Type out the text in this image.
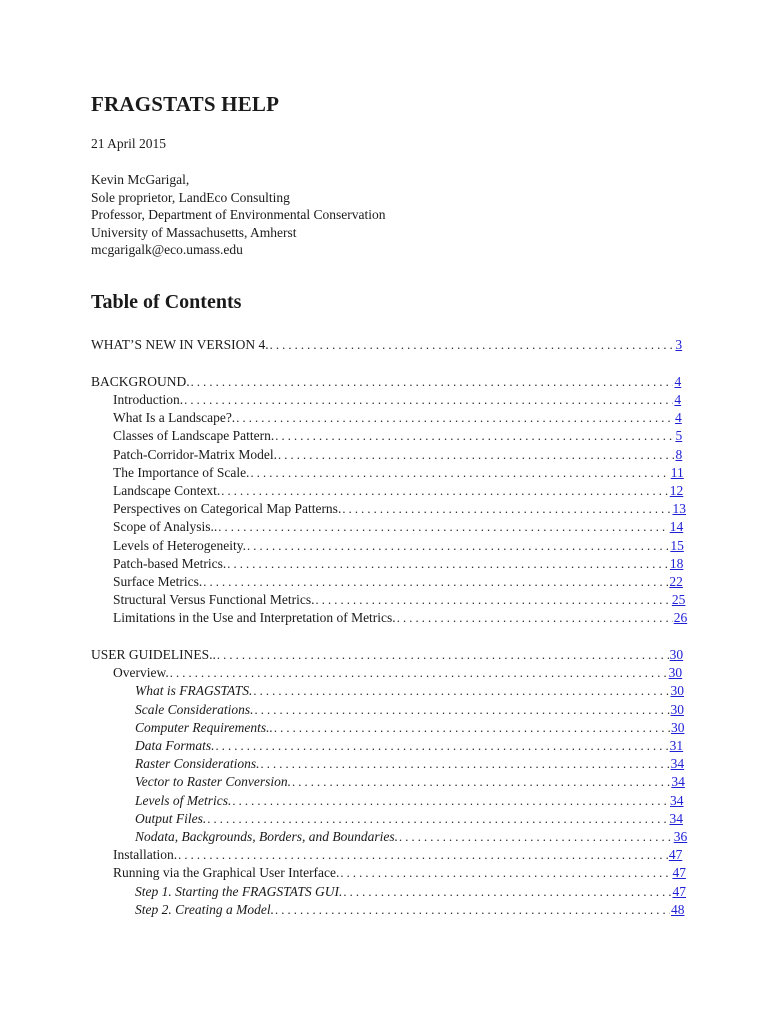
FRAGSTATS HELP
21 April 2015
Kevin McGarigal,
Sole proprietor, LandEco Consulting
Professor, Department of Environmental Conservation
University of Massachusetts, Amherst
mcgarigalk@eco.umass.edu
Table of Contents
WHAT’S NEW IN VERSION 4. . . .	3
BACKGROUND. . . .	4
Introduction. . . .	4
What Is a Landscape?. . . .	4
Classes of Landscape Pattern. . . .	5
Patch-Corridor-Matrix Model. . . .	8
The Importance of Scale. . . .	11
Landscape Context. . . .	12
Perspectives on Categorical Map Patterns. . . .	13
Scope of Analysis.. . . .	14
Levels of Heterogeneity. . . .	15
Patch-based Metrics. . . .	18
Surface Metrics. . . .	22
Structural Versus Functional Metrics. . . .	25
Limitations in the Use and Interpretation of Metrics. . . .	26
USER GUIDELINES.. . . .	30
Overview. . . .	30
What is FRAGSTATS. . . .	30
Scale Considerations. . . .	30
Computer Requirements.. . . .	30
Data Formats. . . .	31
Raster Considerations. . . .	34
Vector to Raster Conversion. . . .	34
Levels of Metrics. . . .	34
Output Files. . . .	34
Nodata, Backgrounds, Borders, and Boundaries. . . .	36
Installation. . . .	47
Running via the Graphical User Interface. . . .	47
Step 1. Starting the FRAGSTATS GUI. . . .	47
Step 2. Creating a Model. . . .	48
